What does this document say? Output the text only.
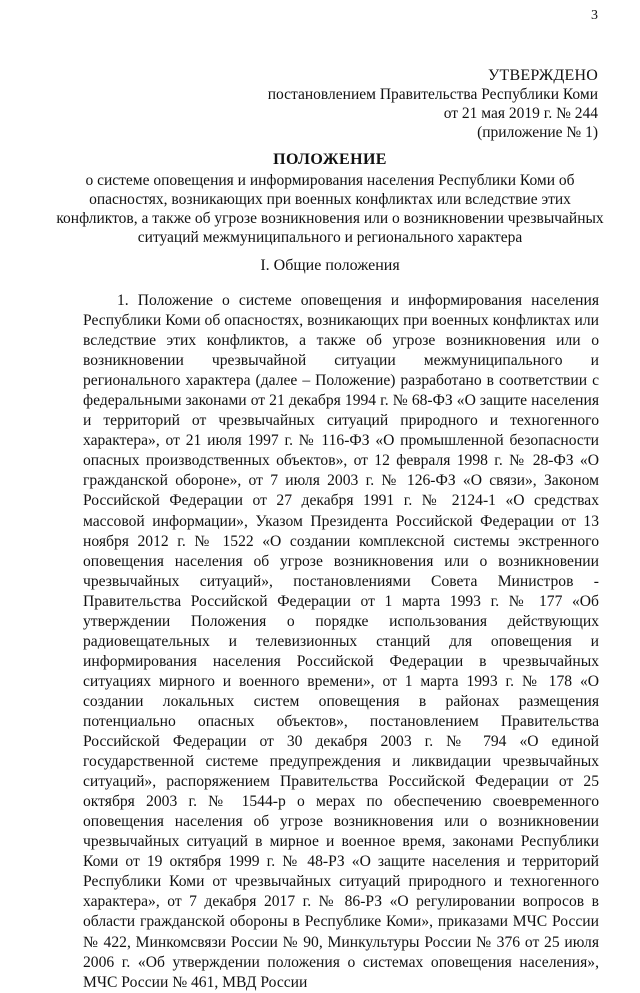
3
УТВЕРЖДЕНО
постановлением Правительства Республики Коми
от 21 мая 2019 г. № 244
(приложение № 1)
ПОЛОЖЕНИЕ
о системе оповещения и информирования населения Республики Коми об опасностях, возникающих при военных конфликтах или вследствие этих конфликтов, а также об угрозе возникновения или о возникновении чрезвычайных ситуаций межмуниципального и регионального характера
I. Общие положения

1. Положение о системе оповещения и информирования населения Республики Коми об опасностях, возникающих при военных конфликтах или вследствие этих конфликтов, а также об угрозе возникновения или о возникновении чрезвычайной ситуации межмуниципального и регионального характера (далее – Положение) разработано в соответствии с федеральными законами от 21 декабря 1994 г. № 68-ФЗ «О защите населения и территорий от чрезвычайных ситуаций природного и техногенного характера», от 21 июля 1997 г. № 116-ФЗ «О промышленной безопасности опасных производственных объектов», от 12 февраля 1998 г. № 28-ФЗ «О гражданской обороне», от 7 июля 2003 г. № 126-ФЗ «О связи», Законом Российской Федерации от 27 декабря 1991 г. № 2124-1 «О средствах массовой информации», Указом Президента Российской Федерации от 13 ноября 2012 г. № 1522 «О создании комплексной системы экстренного оповещения населения об угрозе возникновения или о возникновении чрезвычайных ситуаций», постановлениями Совета Министров - Правительства Российской Федерации от 1 марта 1993 г. № 177 «Об утверждении Положения о порядке использования действующих радиовещательных и телевизионных станций для оповещения и информирования населения Российской Федерации в чрезвычайных ситуациях мирного и военного времени», от 1 марта 1993 г. № 178 «О создании локальных систем оповещения в районах размещения потенциально опасных объектов», постановлением Правительства Российской Федерации от 30 декабря 2003 г. № 794 «О единой государственной системе предупреждения и ликвидации чрезвычайных ситуаций», распоряжением Правительства Российской Федерации от 25 октября 2003 г. № 1544-р о мерах по обеспечению своевременного оповещения населения об угрозе возникновения или о возникновении чрезвычайных ситуаций в мирное и военное время, законами Республики Коми от 19 октября 1999 г. № 48-РЗ «О защите населения и территорий Республики Коми от чрезвычайных ситуаций природного и техногенного характера», от 7 декабря 2017 г. № 86-РЗ «О регулировании вопросов в области гражданской обороны в Республике Коми», приказами МЧС России № 422, Минкомсвязи России № 90, Минкультуры России № 376 от 25 июля 2006 г. «Об утверждении положения о системах оповещения населения», МЧС России № 461, МВД России
